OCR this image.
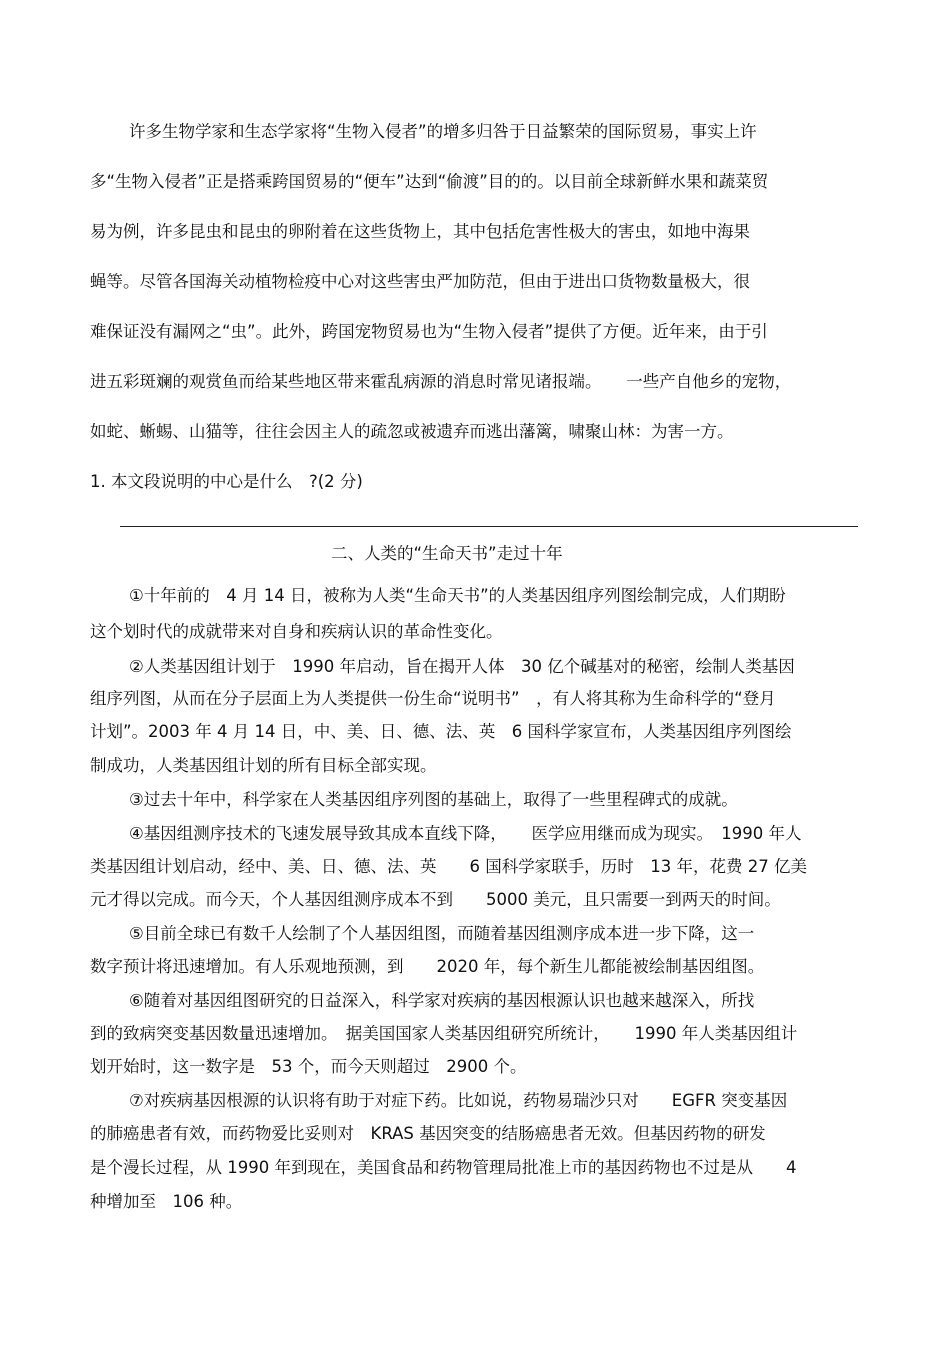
许多生物学家和生态学家将“生物入侵者”的增多归咎于日益繁荣的国际贸易，事实上许
多“生物入侵者”正是搭乘跨国贸易的“便车”达到“偷渡”目的的。以目前全球新鲜水果和蔬菜贸
易为例，许多昆虫和昆虫的卵附着在这些货物上，其中包括危害性极大的害虫，如地中海果
蝇等。尽管各国海关动植物检疫中心对这些害虫严加防范，但由于进出口货物数量极大，很
难保证没有漏网之“虫”。此外，跨国宠物贸易也为“生物入侵者”提供了方便。近年来，由于引
进五彩斑斓的观赏鱼而给某些地区带来霍乱病源的消息时常见诸报端。　　一些产自他乡的宠物，
如蛇、蜥蜴、山猫等，往往会因主人的疏忽或被遗弃而逃出藩篱，啸聚山林：为害一方。
1. 本文段说明的中心是什么　?(2 分)
二、人类的“生命天书”走过十年
①十年前的　4 月 14 日，被称为人类“生命天书”的人类基因组序列图绘制完成，人们期盼
这个划时代的成就带来对自身和疾病认识的革命性变化。
②人类基因组计划于　1990 年启动，旨在揭开人体　30 亿个碱基对的秘密，绘制人类基因
组序列图，从而在分子层面上为人类提供一份生命“说明书”　，有人将其称为生命科学的“登月
计划”。2003 年 4 月 14 日，中、美、日、德、法、英　6 国科学家宣布，人类基因组序列图绘
制成功，人类基因组计划的所有目标全部实现。
③过去十年中，科学家在人类基因组序列图的基础上，取得了一些里程碑式的成就。
④基因组测序技术的飞速发展导致其成本直线下降，　　医学应用继而成为现实。　1990 年人
类基因组计划启动，经中、美、日、德、法、英　　6 国科学家联手，历时　13 年，花费 27 亿美
元才得以完成。而今天，个人基因组测序成本不到　　5000 美元，且只需要一到两天的时间。
⑤目前全球已有数千人绘制了个人基因组图，而随着基因组测序成本进一步下降，这一
数字预计将迅速增加。有人乐观地预测，到　　2020 年，每个新生儿都能被绘制基因组图。
⑥随着对基因组图研究的日益深入，科学家对疾病的基因根源认识也越来越深入，所找
到的致病突变基因数量迅速增加。　据美国国家人类基因组研究所统计，　　1990 年人类基因组计
划开始时，这一数字是　53 个，而今天则超过　2900 个。
⑦对疾病基因根源的认识将有助于对症下药。比如说，药物易瑞沙只对　　EGFR 突变基因
的肺癌患者有效，而药物爱比妥则对　KRAS 基因突变的结肠癌患者无效。但基因药物的研发
是个漫长过程，从 1990 年到现在，美国食品和药物管理局批准上市的基因药物也不过是从　　4
种增加至　106 种。
